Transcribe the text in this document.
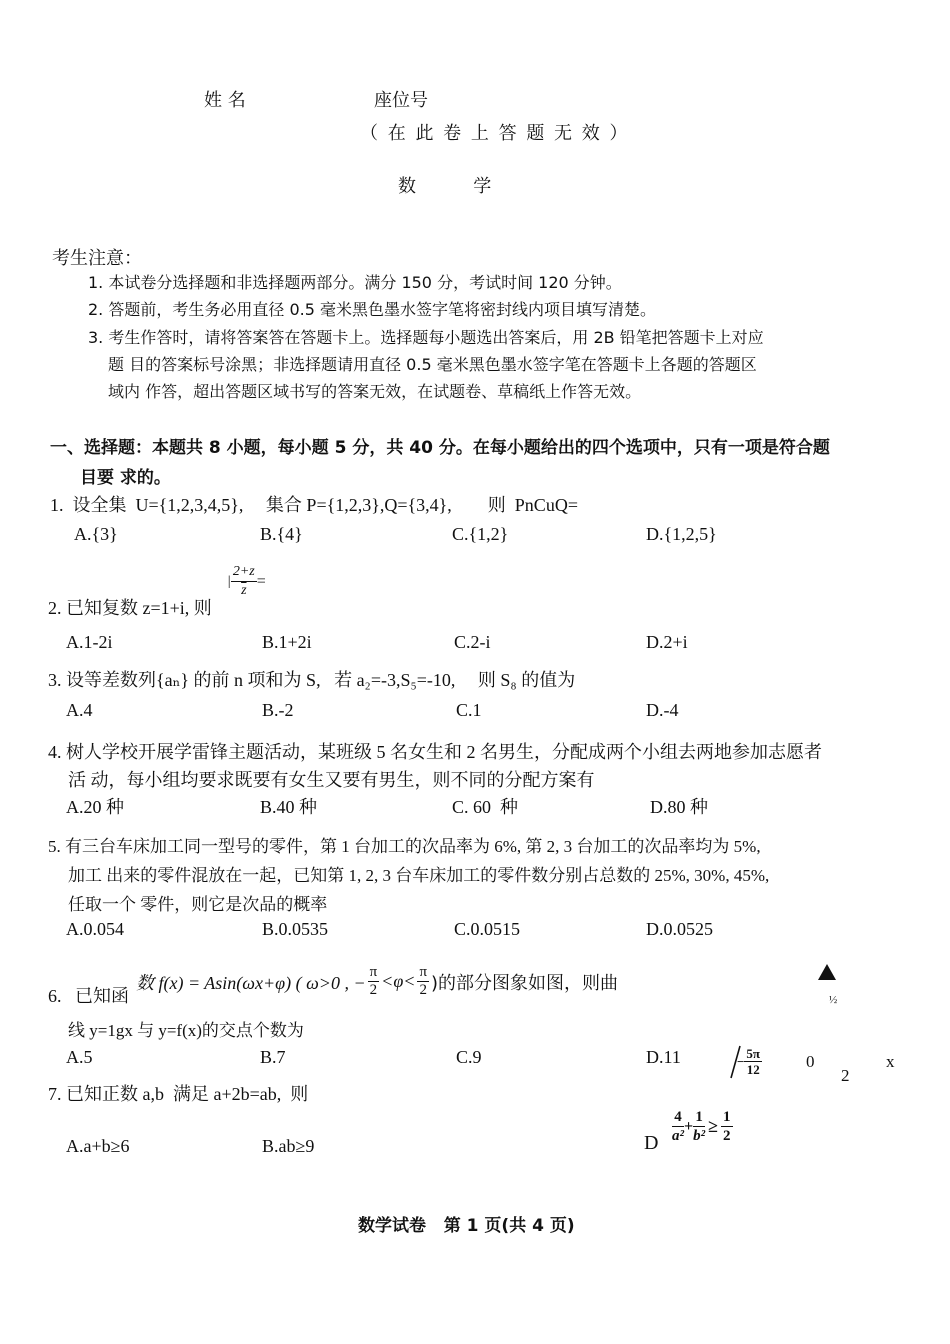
姓 名	座位号
（ 在 此 卷 上 答 题 无 效 ）
数          学
考生注意：
1. 本试卷分选择题和非选择题两部分。满分 150 分，考试时间 120 分钟。
2. 答题前，考生务必用直径 0.5 毫米黑色墨水签字笔将密封线内项目填写清楚。
3. 考生作答时，请将答案答在答题卡上。选择题每小题选出答案后，用 2B 铅笔把答题卡上对应
题 目的答案标号涂黑；非选择题请用直径 0.5 毫米黑色墨水签字笔在答题卡上各题的答题区
域内 作答，超出答题区域书写的答案无效，在试题卷、草稿纸上作答无效。
一、选择题：本题共 8 小题，每小题 5 分，共 40 分。在每小题给出的四个选项中，只有一项是符合题
目要 求的。
1.  设全集  U={1,2,3,4,5},     集合 P={1,2,3},Q={3,4},        则  PnCuQ=
A.{3}	B.{4}	C.{1,2}	D.{1,2,5}
2. 已知复数 z=1+i, 则
| $\frac{2+z}{z}$ =
A.1-2i	B.1+2i	C.2-i	D.2+i
3. 设等差数列{aₙ} 的前 n 项和为 S,   若 a₂=-3,S₅=-10,     则 S₈ 的值为
A.4	B.-2	C.1	D.-4
4. 树人学校开展学雷锋主题活动，某班级 5 名女生和 2 名男生，分配成两个小组去两地参加志愿者
活 动，每小组均要求既要有女生又要有男生，则不同的分配方案有
A.20 种	B.40 种	C. 60  种	D.80 种
5. 有三台车床加工同一型号的零件，第 1 台加工的次品率为 6%, 第 2, 3 台加工的次品率均为 5%,
加工 出来的零件混放在一起，已知第 1, 2, 3 台车床加工的零件数分别占总数的 25%, 30%, 45%,
任取一个 零件，则它是次品的概率
A.0.054	B.0.0535	C.0.0515	D.0.0525
6.   已知函
数 f(x) = Asin(ωx+φ) ( ω>0 , − $\frac{\pi}{2} <\varphi< \frac{\pi}{2}$ )的部分图象如图，则曲
线 y=1gx 与 y=f(x)的交点个数为
A.5	B.7	C.9	D.11
½
− $\frac{5\pi}{12}$	0
2
x
7. 已知正数 a,b  满足 a+2b=ab,  则
A.a+b≥6	B.ab≥9	D $\frac{4}{\text{a²}} + \frac{1}{\text{b²}} \ge \frac{1}{2}$
数学试卷   第 1 页(共 4 页)
